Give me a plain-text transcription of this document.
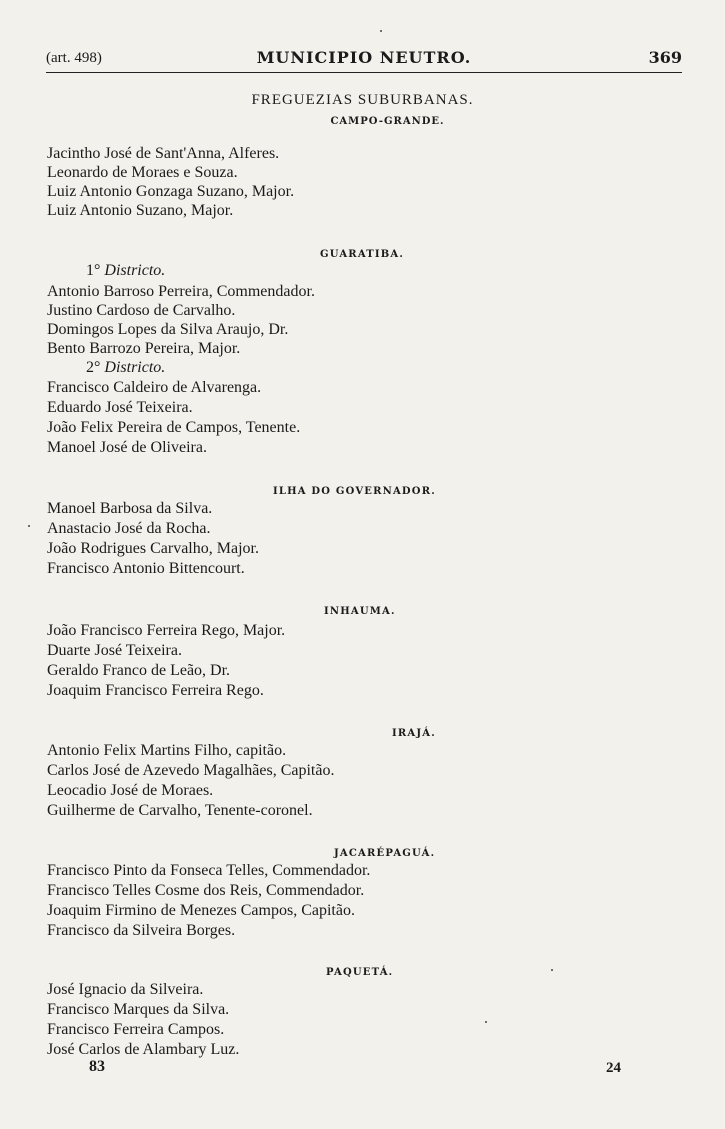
(art. 498)	MUNICIPIO NEUTRO.	369
FREGUEZIAS SUBURBANAS.
CAMPO-GRANDE.
Jacintho José de Sant'Anna, Alferes.
Leonardo de Moraes e Souza.
Luiz Antonio Gonzaga Suzano, Major.
Luiz Antonio Suzano, Major.
GUARATIBA.
1° Districto.
Antonio Barroso Perreira, Commendador.
Justino Cardoso de Carvalho.
Domingos Lopes da Silva Araujo, Dr.
Bento Barrozo Pereira, Major.
2° Districto.
Francisco Caldeiro de Alvarenga.
Eduardo José Teixeira.
João Felix Pereira de Campos, Tenente.
Manoel José de Oliveira.
ILHA DO GOVERNADOR.
Manoel Barbosa da Silva.
Anastacio José da Rocha.
João Rodrigues Carvalho, Major.
Francisco Antonio Bittencourt.
INHAUMA.
João Francisco Ferreira Rego, Major.
Duarte José Teixeira.
Geraldo Franco de Leão, Dr.
Joaquim Francisco Ferreira Rego.
IRAJÁ.
Antonio Felix Martins Filho, capitão.
Carlos José de Azevedo Magalhães, Capitão.
Leocadio José de Moraes.
Guilherme de Carvalho, Tenente-coronel.
JACARÉPAGUÁ.
Francisco Pinto da Fonseca Telles, Commendador.
Francisco Telles Cosme dos Reis, Commendador.
Joaquim Firmino de Menezes Campos, Capitão.
Francisco da Silveira Borges.
PAQUETÁ.
José Ignacio da Silveira.
Francisco Marques da Silva.
Francisco Ferreira Campos.
José Carlos de Alambary Luz.
83	24
